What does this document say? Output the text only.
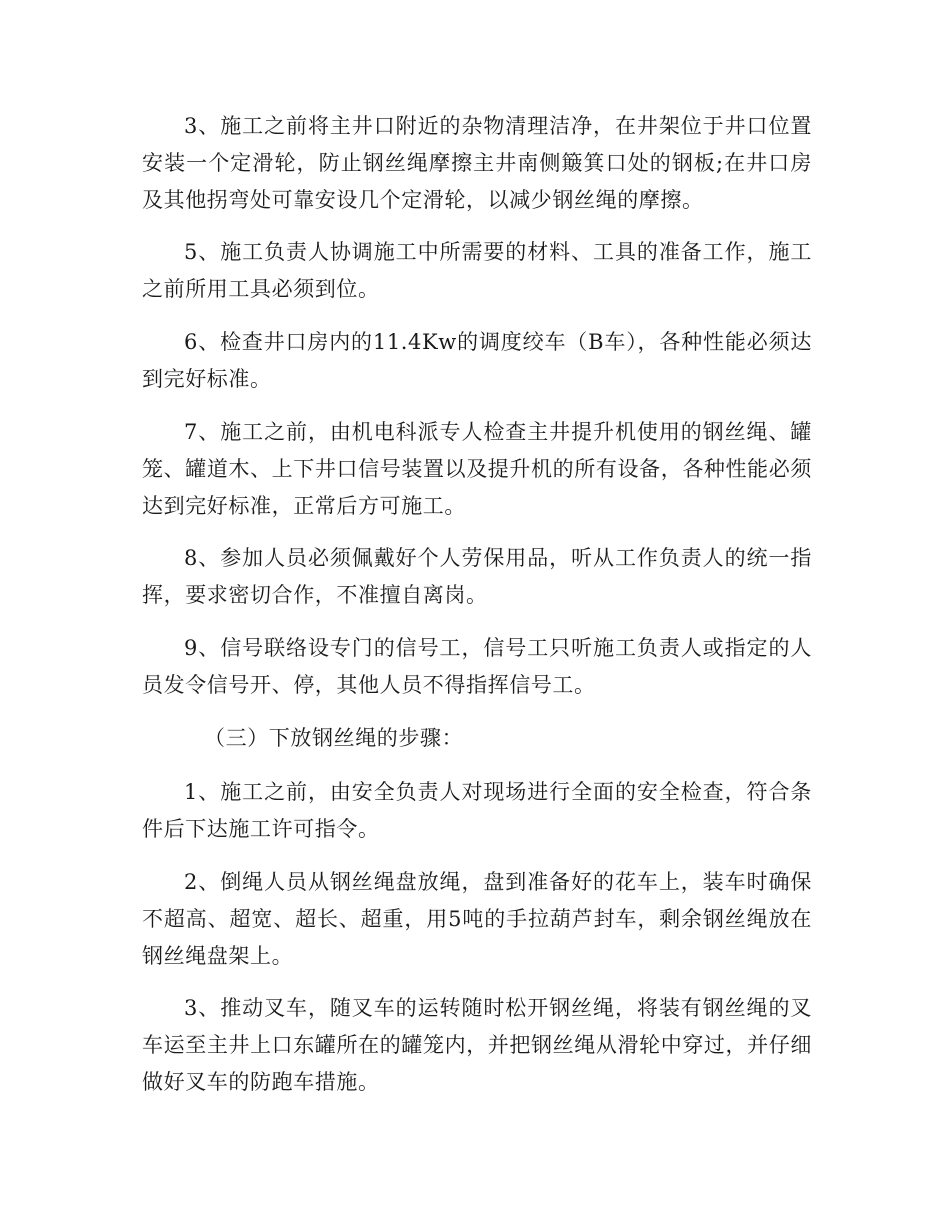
3、施工之前将主井口附近的杂物清理洁净，在井架位于井口位置安装一个定滑轮，防止钢丝绳摩擦主井南侧簸箕口处的钢板;在井口房及其他拐弯处可靠安设几个定滑轮，以减少钢丝绳的摩擦。

5、施工负责人协调施工中所需要的材料、工具的准备工作，施工之前所用工具必须到位。

6、检查井口房内的11.4Kw的调度绞车（B车），各种性能必须达到完好标准。

7、施工之前，由机电科派专人检查主井提升机使用的钢丝绳、罐笼、罐道木、上下井口信号装置以及提升机的所有设备，各种性能必须达到完好标准，正常后方可施工。

8、参加人员必须佩戴好个人劳保用品，听从工作负责人的统一指挥，要求密切合作，不准擅自离岗。

9、信号联络设专门的信号工，信号工只听施工负责人或指定的人员发令信号开、停，其他人员不得指挥信号工。

（三）下放钢丝绳的步骤：

1、施工之前，由安全负责人对现场进行全面的安全检查，符合条件后下达施工许可指令。

2、倒绳人员从钢丝绳盘放绳，盘到准备好的花车上，装车时确保不超高、超宽、超长、超重，用5吨的手拉葫芦封车，剩余钢丝绳放在钢丝绳盘架上。

3、推动叉车，随叉车的运转随时松开钢丝绳，将装有钢丝绳的叉车运至主井上口东罐所在的罐笼内，并把钢丝绳从滑轮中穿过，并仔细做好叉车的防跑车措施。
